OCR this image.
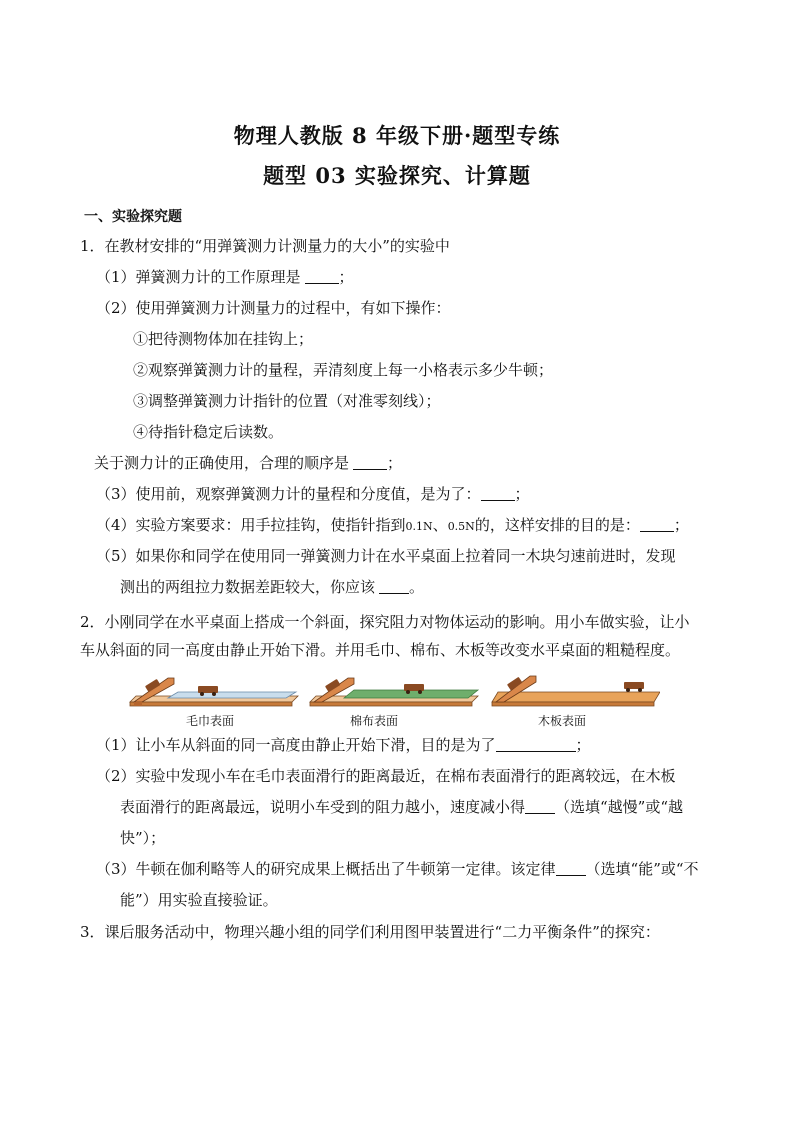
物理人教版 8 年级下册·题型专练
题型 03 实验探究、计算题
一、实验探究题
1．在教材安排的“用弹簧测力计测量力的大小”的实验中
（1）弹簧测力计的工作原理是	；
（2）使用弹簧测力计测量力的过程中，有如下操作：
①把待测物体加在挂钩上；
②观察弹簧测力计的量程，弄清刻度上每一小格表示多少牛顿；
③调整弹簧测力计指针的位置（对准零刻线）；
④待指针稳定后读数。
关于测力计的正确使用，合理的顺序是	；
（3）使用前，观察弹簧测力计的量程和分度值，是为了： ；
（4）实验方案要求：用手拉挂钩，使指针指到0.1N、0.5N的，这样安排的目的是： ；
（5）如果你和同学在使用同一弹簧测力计在水平桌面上拉着同一木块匀速前进时，发现
测出的两组拉力数据差距较大，你应该 。
2．小刚同学在水平桌面上搭成一个斜面，探究阻力对物体运动的影响。用小车做实验，让小
车从斜面的同一高度由静止开始下滑。并用毛巾、棉布、木板等改变水平桌面的粗糙程度。
毛巾表面	棉布表面	木板表面
（1）让小车从斜面的同一高度由静止开始下滑，目的是为了	；
（2）实验中发现小车在毛巾表面滑行的距离最近，在棉布表面滑行的距离较远，在木板
表面滑行的距离最远，说明小车受到的阻力越小，速度减小得 （选填“越慢”或“越
快”）；
（3）牛顿在伽利略等人的研究成果上概括出了牛顿第一定律。该定律 （选填“能”或“不
能”）用实验直接验证。
3．课后服务活动中，物理兴趣小组的同学们利用图甲装置进行“二力平衡条件”的探究：
